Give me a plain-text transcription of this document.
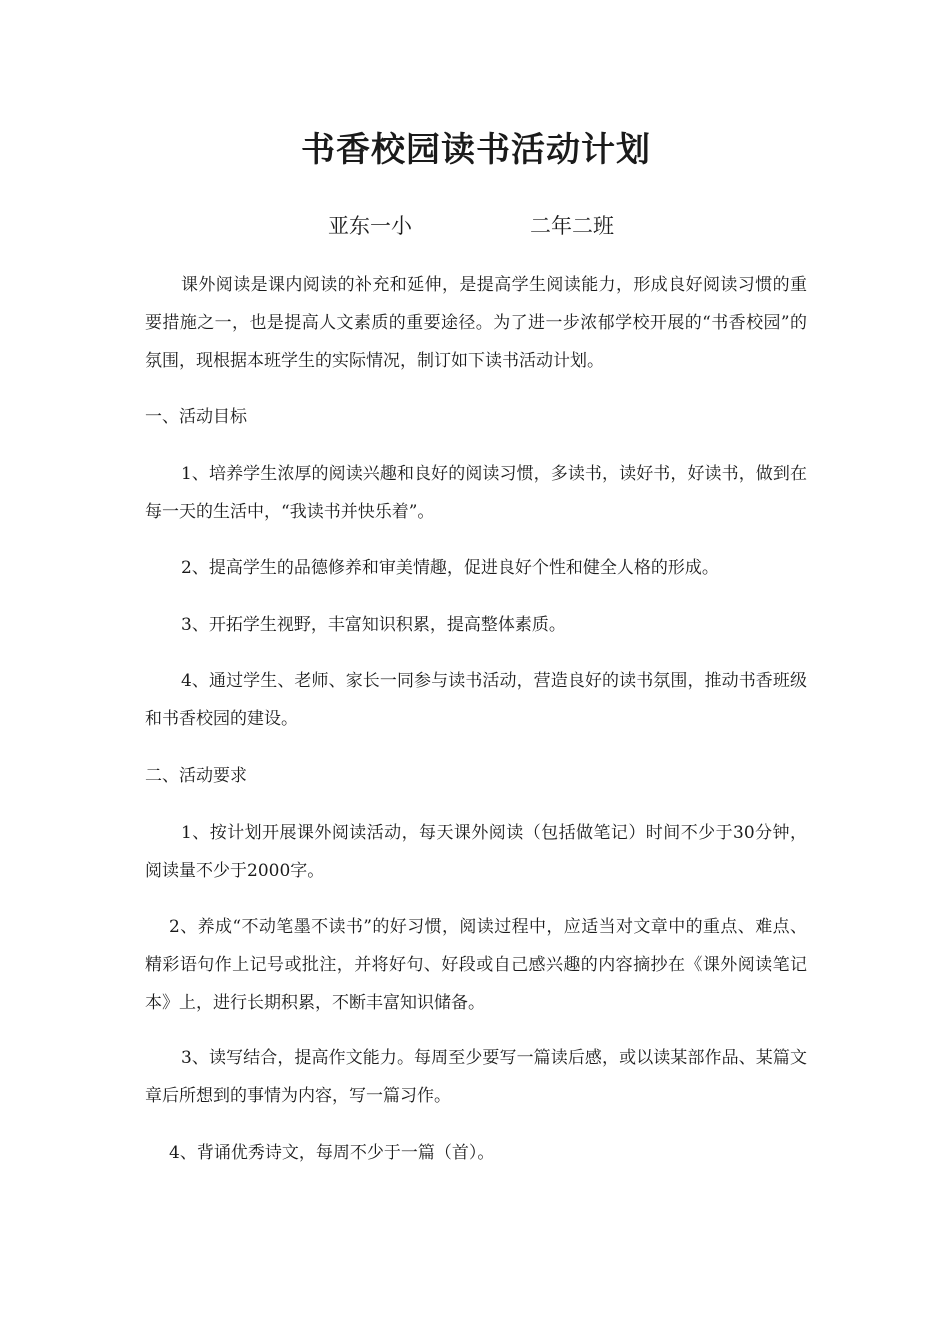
书香校园读书活动计划
亚东一小	二年二班

课外阅读是课内阅读的补充和延伸，是提高学生阅读能力，形成良好阅读习惯的重要措施之一，也是提高人文素质的重要途径。为了进一步浓郁学校开展的“书香校园”的氛围，现根据本班学生的实际情况，制订如下读书活动计划。

一、活动目标

1、培养学生浓厚的阅读兴趣和良好的阅读习惯，多读书，读好书，好读书，做到在每一天的生活中，“我读书并快乐着”。

2、提高学生的品德修养和审美情趣，促进良好个性和健全人格的形成。

3、开拓学生视野，丰富知识积累，提高整体素质。

4、通过学生、老师、家长一同参与读书活动，营造良好的读书氛围，推动书香班级和书香校园的建设。

二、活动要求

1、按计划开展课外阅读活动，每天课外阅读（包括做笔记）时间不少于30分钟，阅读量不少于2000字。

2、养成“不动笔墨不读书”的好习惯，阅读过程中，应适当对文章中的重点、难点、精彩语句作上记号或批注，并将好句、好段或自己感兴趣的内容摘抄在《课外阅读笔记本》上，进行长期积累，不断丰富知识储备。

3、读写结合，提高作文能力。每周至少要写一篇读后感，或以读某部作品、某篇文章后所想到的事情为内容，写一篇习作。

4、背诵优秀诗文，每周不少于一篇（首）。
